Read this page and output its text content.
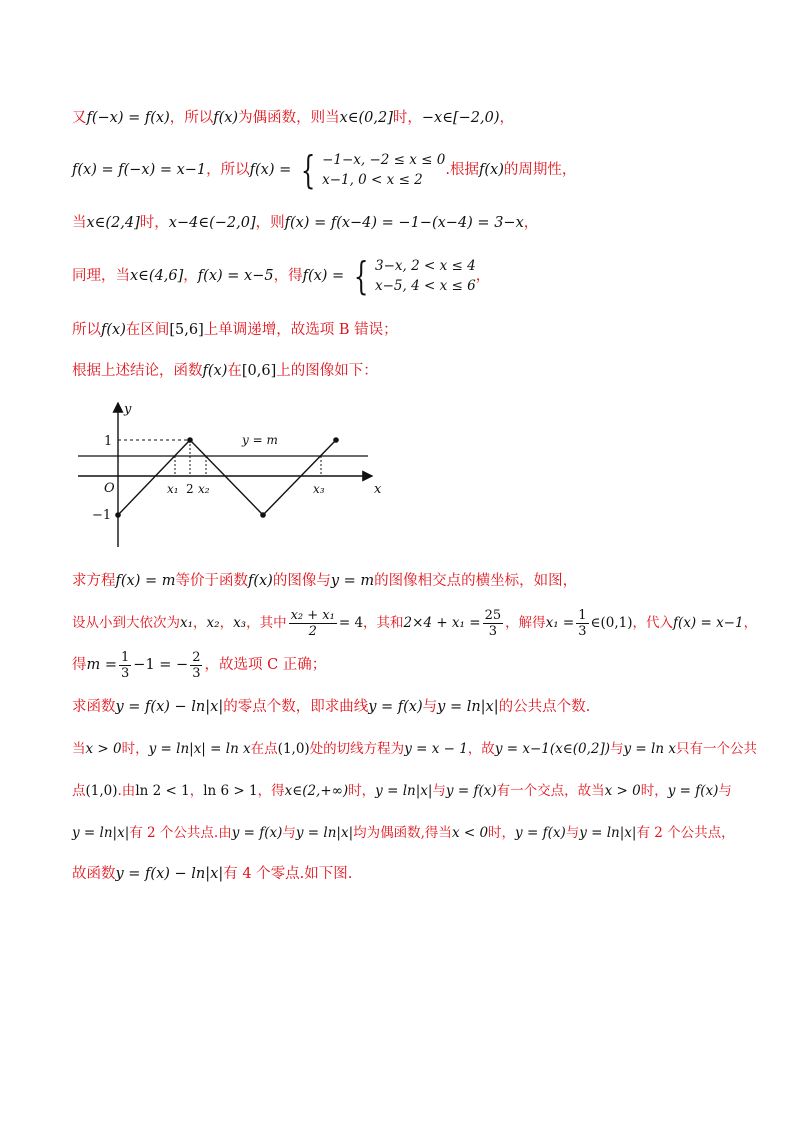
又f(−x) = f(x)，所以f(x)为偶函数，则当x∈(0,2]时，−x∈[−2,0)，
f(x) = f(−x) = x−1，所以f(x) = { −1−x, −2 ≤ x ≤ 0
x−1, 0 < x ≤ 2
.根据f(x)的周期性，
当x∈(2,4]时，x−4∈(−2,0]，则f(x) = f(x−4) = −1−(x−4) = 3−x，
同理，当x∈(4,6]，f(x) = x−5，得f(x) = { 3−x, 2 < x ≤ 4
x−5, 4 < x ≤ 6
，
所以f(x)在区间[5,6]上单调递增，故选项 B 错误；
根据上述结论，函数f(x)在[0,6]上的图像如下：
y
x
O
1
−1
x₁ 2 x₂	x₃
y = m
求方程f(x) = m等价于函数f(x)的图像与y = m的图像相交点的横坐标，如图，
设从小到大依次为x₁，x₂，x₃，其中 $\frac{\text{x₂ + x₁}}{2} = 4$，其和$2\times 4 + x_1 = \frac{25}{3}$ ，解得$x_1 = \frac{1}{3}$ ∈(0,1)，代入f(x) = x−1，
得$m = \frac{1}{3} -1$ = − $\frac{2}{3}$ ，故选项 C 正确；
求函数y = f(x) − ln|x|的零点个数，即求曲线y = f(x)与y = ln|x|的公共点个数.
当x > 0时，y = ln|x| = ln x在点(1,0)处的切线方程为y = x − 1，故y = x−1(x∈(0,2])与y = ln x只有一个公共
点(1,0).由ln 2 < 1，ln 6 > 1，得x∈(2,+∞)时，y = ln|x|与y = f(x)有一个交点，故当x > 0时，y = f(x)与
y = ln|x|有 2 个公共点.由y = f(x)与y = ln|x|均为偶函数,得当x < 0时，y = f(x)与y = ln|x|有 2 个公共点，
故函数y = f(x) − ln|x|有 4 个零点.如下图.
